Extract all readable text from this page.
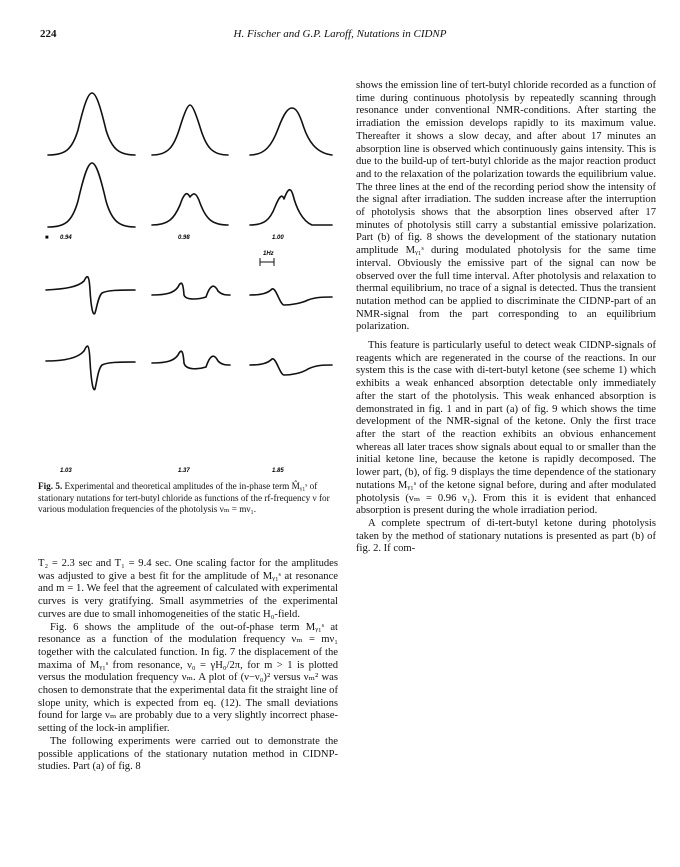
224	H. Fischer and G.P. Laroff, Nutations in CIDNP
1Hz
■ 0.94	0.98	1.00
1.03	1.37	1.85
Fig. 5. Experimental and theoretical amplitudes of the in-phase term M̂ᵧ₁ˢ of stationary nutations for tert-butyl chloride as functions of the rf-frequency ν for various modulation frequencies of the photolysis νₘ = mν₁.

T₂ = 2.3 sec and T₁ = 9.4 sec. One scaling factor for the amplitudes was adjusted to give a best fit for the amplitude of Mᵧ₁ˢ at resonance and m = 1. We feel that the agreement of calculated with experimental curves is very gratifying. Small asymmetries of the experimental curves are due to small inhomogeneities of the static H₀-field.

Fig. 6 shows the amplitude of the out-of-phase term Mᵧ₁ˢ at resonance as a function of the modulation frequency νₘ = mν₁ together with the calculated function. In fig. 7 the displacement of the maxima of Mᵧ₁ˢ from resonance, ν₀ = γH₀/2π, for m > 1 is plotted versus the modulation frequency νₘ. A plot of (ν−ν₀)² versus νₘ² was chosen to demonstrate that the experimental data fit the straight line of slope unity, which is expected from eq. (12). The small deviations found for large νₘ are probably due to a very slightly incorrect phase-setting of the lock-in amplifier.

The following experiments were carried out to demonstrate the possible applications of the stationary nutation method in CIDNP-studies. Part (a) of fig. 8

shows the emission line of tert-butyl chloride recorded as a function of time during continuous photolysis by repeatedly scanning through resonance under conventional NMR-conditions. After starting the irradiation the emission develops rapidly to its maximum value. Thereafter it shows a slow decay, and after about 17 minutes an absorption line is observed which continuously gains intensity. This is due to the build-up of tert-butyl chloride as the major reaction product and to the relaxation of the polarization towards the equilibrium value. The three lines at the end of the recording period show the intensity of the signal after irradiation. The sudden increase after the interruption of photolysis shows that the absorption lines observed after 17 minutes of photolysis still carry a substantial emissive polarization. Part (b) of fig. 8 shows the development of the stationary nutation amplitude Mᵧ₁ˢ during modulated photolysis for the same time interval. Obviously the emissive part of the signal can now be observed over the full time interval. After photolysis and relaxation to thermal equilibrium, no trace of a signal is detected. Thus the transient nutation method can be applied to discriminate the CIDNP-part of an NMR-signal from the part corresponding to an equilibrium polarization.

This feature is particularly useful to detect weak CIDNP-signals of reagents which are regenerated in the course of the reactions. In our system this is the case with di-tert-butyl ketone (see scheme 1) which exhibits a weak enhanced absorption detectable only immediately after the start of the photolysis. This weak enhanced absorption is demonstrated in fig. 1 and in part (a) of fig. 9 which shows the time development of the NMR-signal of the ketone. Only the first trace after the start of the reaction exhibits an obvious enhancement whereas all later traces show signals about equal to or smaller than the initial ketone line, because the ketone is rapidly decomposed. The lower part, (b), of fig. 9 displays the time dependence of the stationary nutations Mᵧ₁ˢ of the ketone signal before, during and after modulated photolysis (νₘ = 0.96 ν₁). From this it is evident that enhanced absorption is present during the whole irradiation period.

A complete spectrum of di-tert-butyl ketone during photolysis taken by the method of stationary nutations is presented as part (b) of fig. 2. If com-
